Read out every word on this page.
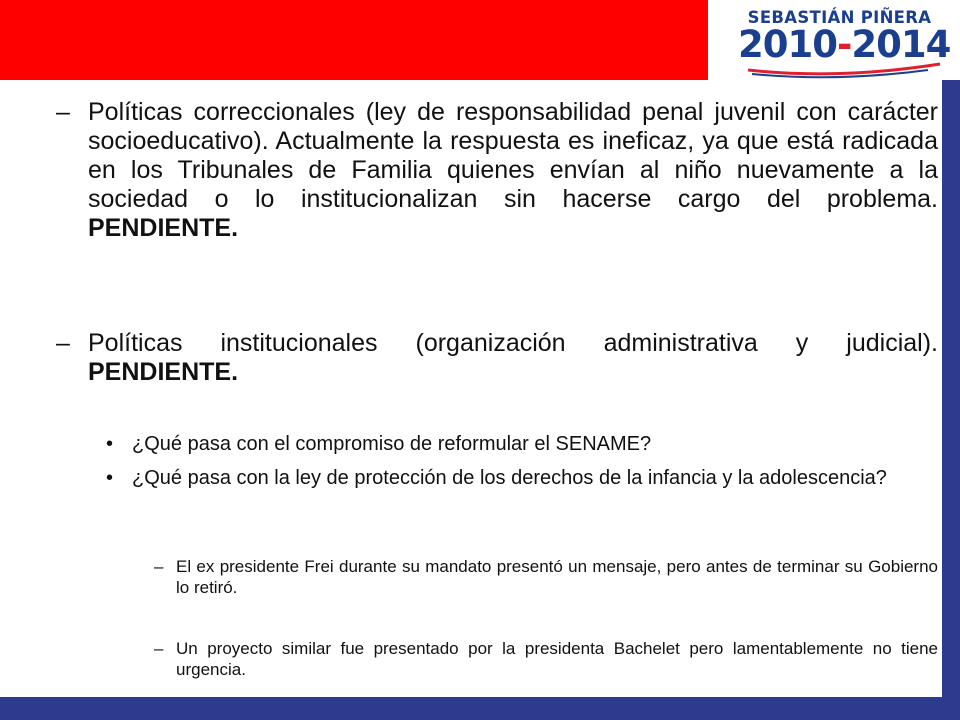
SEBASTIÁN PIÑERA
2010-2014
– Políticas correccionales (ley de responsabilidad penal juvenil con carácter socioeducativo). Actualmente la respuesta es ineficaz, ya que está radicada en los Tribunales de Familia quienes envían al niño nuevamente a la sociedad o lo institucionalizan sin hacerse cargo del problema. PENDIENTE.
– Políticas institucionales (organización administrativa y judicial). PENDIENTE.
• ¿Qué pasa con el compromiso de reformular el SENAME?
• ¿Qué pasa con la ley de protección de los derechos de la infancia y la adolescencia?
– El ex presidente Frei durante su mandato presentó un mensaje, pero antes de terminar su Gobierno lo retiró.
– Un proyecto similar fue presentado por la presidenta Bachelet pero lamentablemente no tiene urgencia.
